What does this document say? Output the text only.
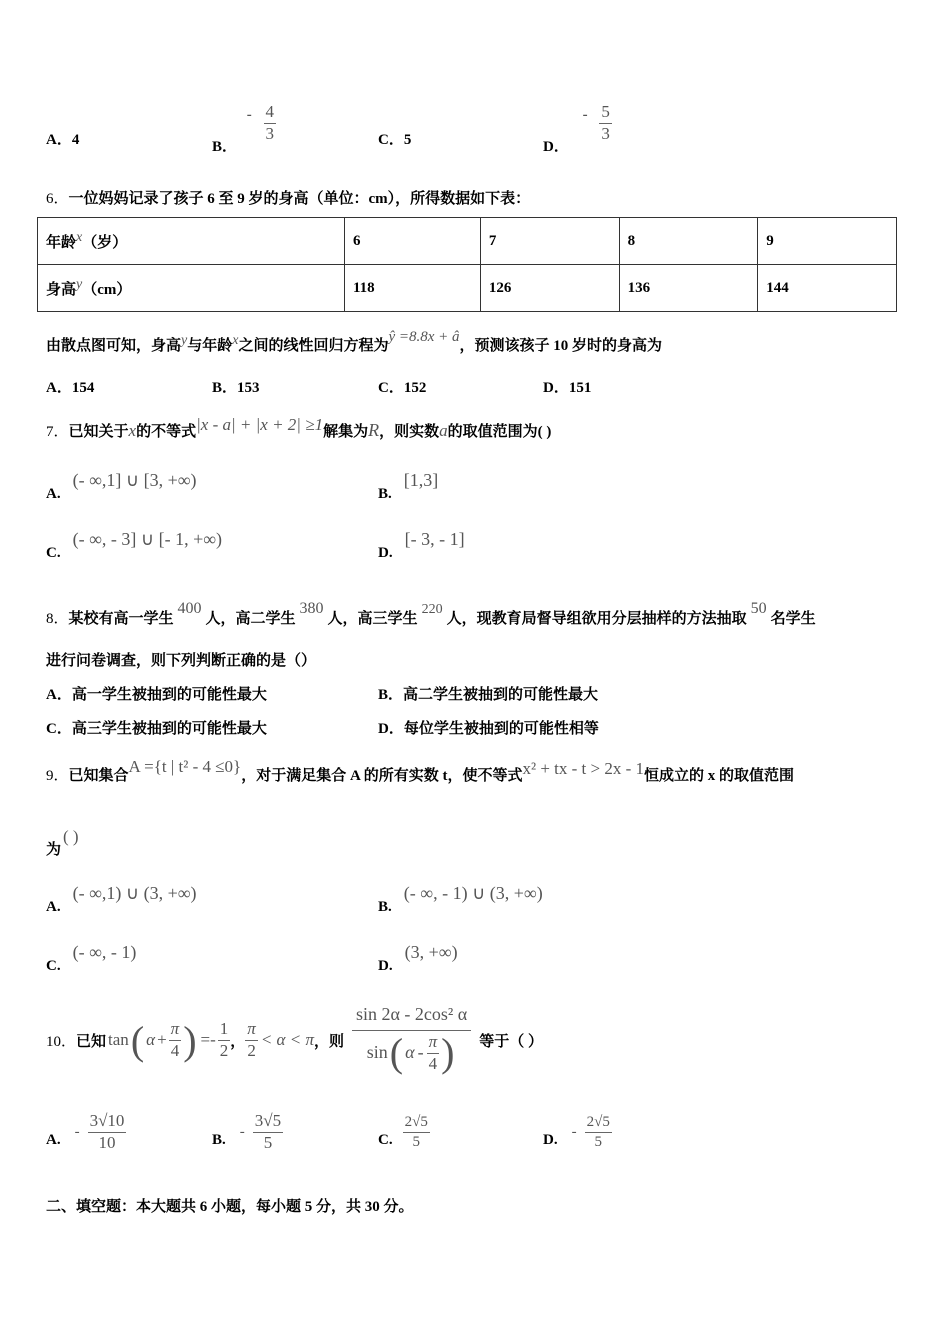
A．4	B． - $\frac{4}{3}$	C．5	D． - $\frac{5}{3}$
6．一位妈妈记录了孩子 6 至 9 岁的身高（单位：cm），所得数据如下表：
年龄$^x$（岁）	6	7	8	9
身高$^y$（cm）	118	126	136	144
由散点图可知，身高$^y$与年龄$^x$之间的线性回归方程为$^{ŷ =8.8x + â}$，预测该孩子 10 岁时的身高为
A．154	B．153	C．152	D．151
7．已知关于x的不等式|x - a| + |x + 2| ≥1解集为R，则实数a的取值范围为( )
A. (- ∞,1] ∪ [3, +∞)
B. [1,3]
C. (- ∞, - 3] ∪ [- 1, +∞)
D. [- 3, - 1]
8．某校有高一学生$^{400}$人，高二学生$^{380}$人，高三学生$^{220}$人，现教育局督导组欲用分层抽样的方法抽取$^{50}$名学生
进行问卷调查，则下列判断正确的是（）
A．高一学生被抽到的可能性最大	B．高二学生被抽到的可能性最大
C．高三学生被抽到的可能性最大	D．每位学生被抽到的可能性相等
9．已知集合A ={t | t² - 4 ≤0}，对于满足集合 A 的所有实数 t，使不等式x² + tx - t > 2x - 1恒成立的 x 的取值范围
为( )
A. (- ∞,1) ∪ (3, +∞)
B. (- ∞, - 1) ∪ (3, +∞)
C. (- ∞, - 1)
D. (3, +∞)
10． 已知 tan ( $\alpha + \frac{\pi}{4}$ ) =- $\frac{1}{2}$ ， $\frac{\pi}{2} < \alpha < \pi$ ，则 $\frac{\text{sin 2α - 2cos² α}}{\sin ( \alpha - \frac{\pi}{4} )}$ 等于（ ）
A. - $\frac{3√10}{10}$	B. - $\frac{3√5}{5}$	C. $\frac{2√5}{5}$	D. - $\frac{2√5}{5}$
二、填空题：本大题共 6 小题，每小题 5 分，共 30 分。
